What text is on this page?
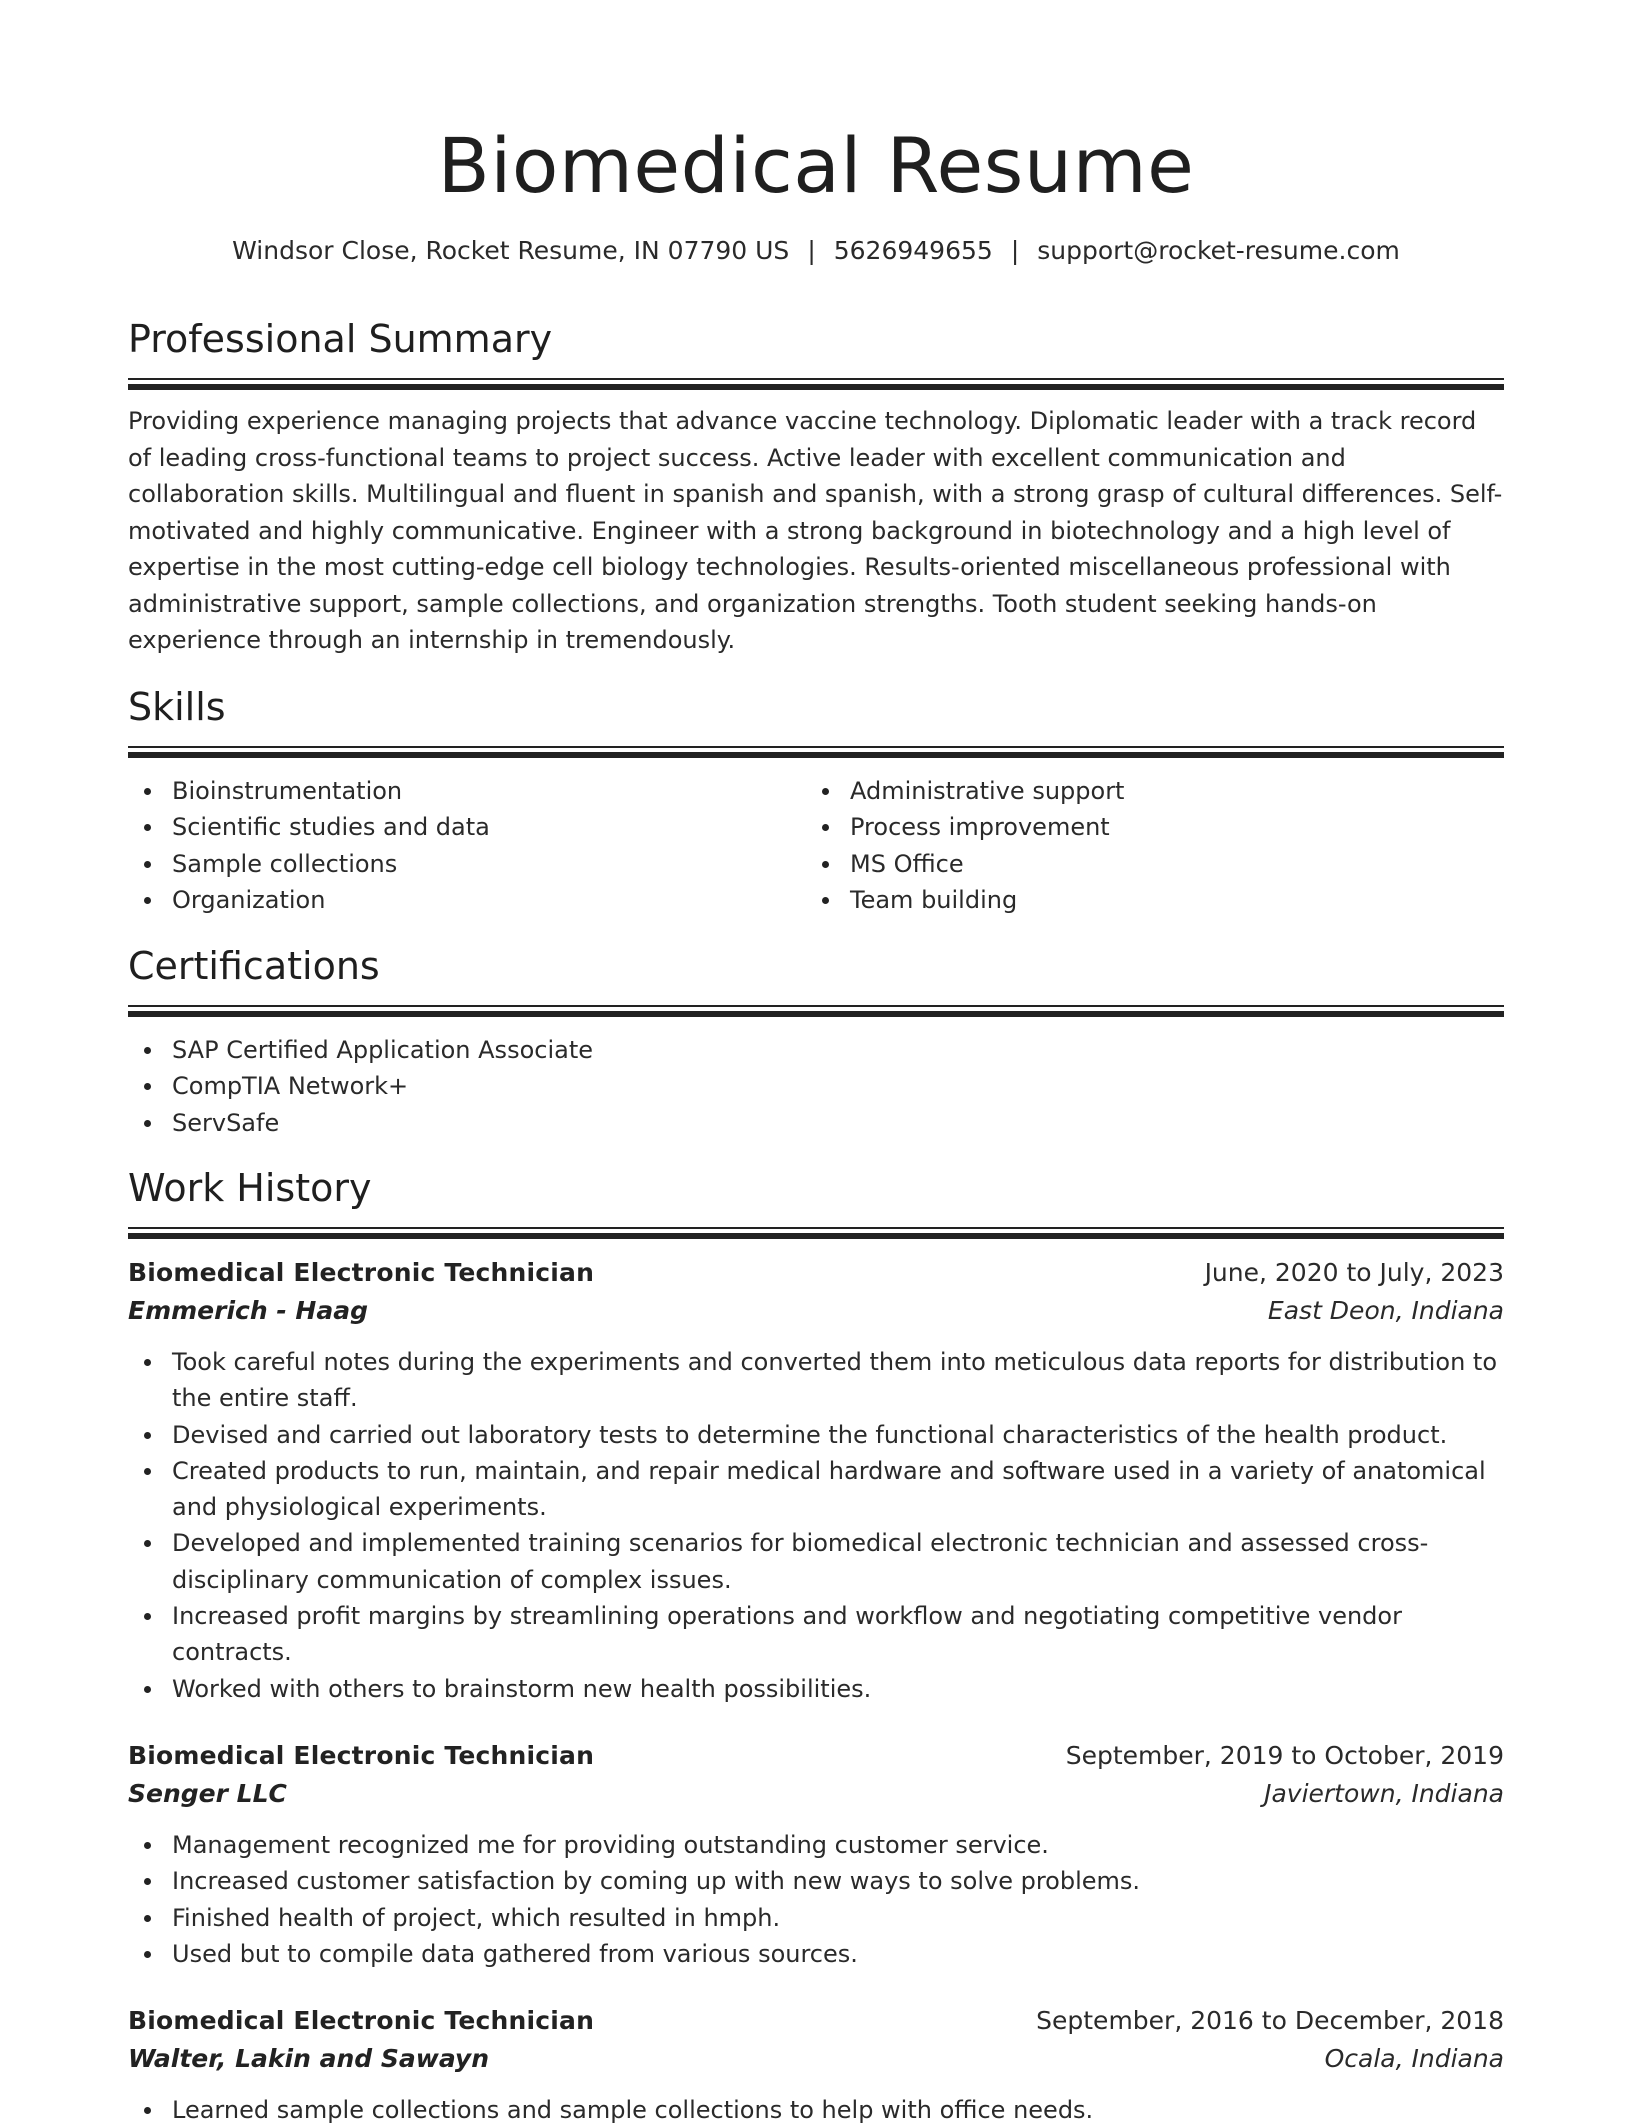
Biomedical Resume
Windsor Close, Rocket Resume, IN 07790 US | 5626949655 | support@rocket-resume.com
Professional Summary
Providing experience managing projects that advance vaccine technology. Diplomatic leader with a track record of leading cross-functional teams to project success. Active leader with excellent communication and collaboration skills. Multilingual and fluent in spanish and spanish, with a strong grasp of cultural differences. Self-motivated and highly communicative. Engineer with a strong background in biotechnology and a high level of expertise in the most cutting-edge cell biology technologies. Results-oriented miscellaneous professional with administrative support, sample collections, and organization strengths. Tooth student seeking hands-on experience through an internship in tremendously.
Skills
Bioinstrumentation
Scientific studies and data
Sample collections
Organization
Administrative support
Process improvement
MS Office
Team building
Certifications
SAP Certified Application Associate
CompTIA Network+
ServSafe
Work History
Biomedical Electronic Technician	June, 2020 to July, 2023
Emmerich - Haag	East Deon, Indiana
Took careful notes during the experiments and converted them into meticulous data reports for distribution to the entire staff.
Devised and carried out laboratory tests to determine the functional characteristics of the health product.
Created products to run, maintain, and repair medical hardware and software used in a variety of anatomical and physiological experiments.
Developed and implemented training scenarios for biomedical electronic technician and assessed cross-disciplinary communication of complex issues.
Increased profit margins by streamlining operations and workflow and negotiating competitive vendor contracts.
Worked with others to brainstorm new health possibilities.
Biomedical Electronic Technician	September, 2019 to October, 2019
Senger LLC	Javiertown, Indiana
Management recognized me for providing outstanding customer service.
Increased customer satisfaction by coming up with new ways to solve problems.
Finished health of project, which resulted in hmph.
Used but to compile data gathered from various sources.
Biomedical Electronic Technician	September, 2016 to December, 2018
Walter, Lakin and Sawayn	Ocala, Indiana
Learned sample collections and sample collections to help with office needs.
